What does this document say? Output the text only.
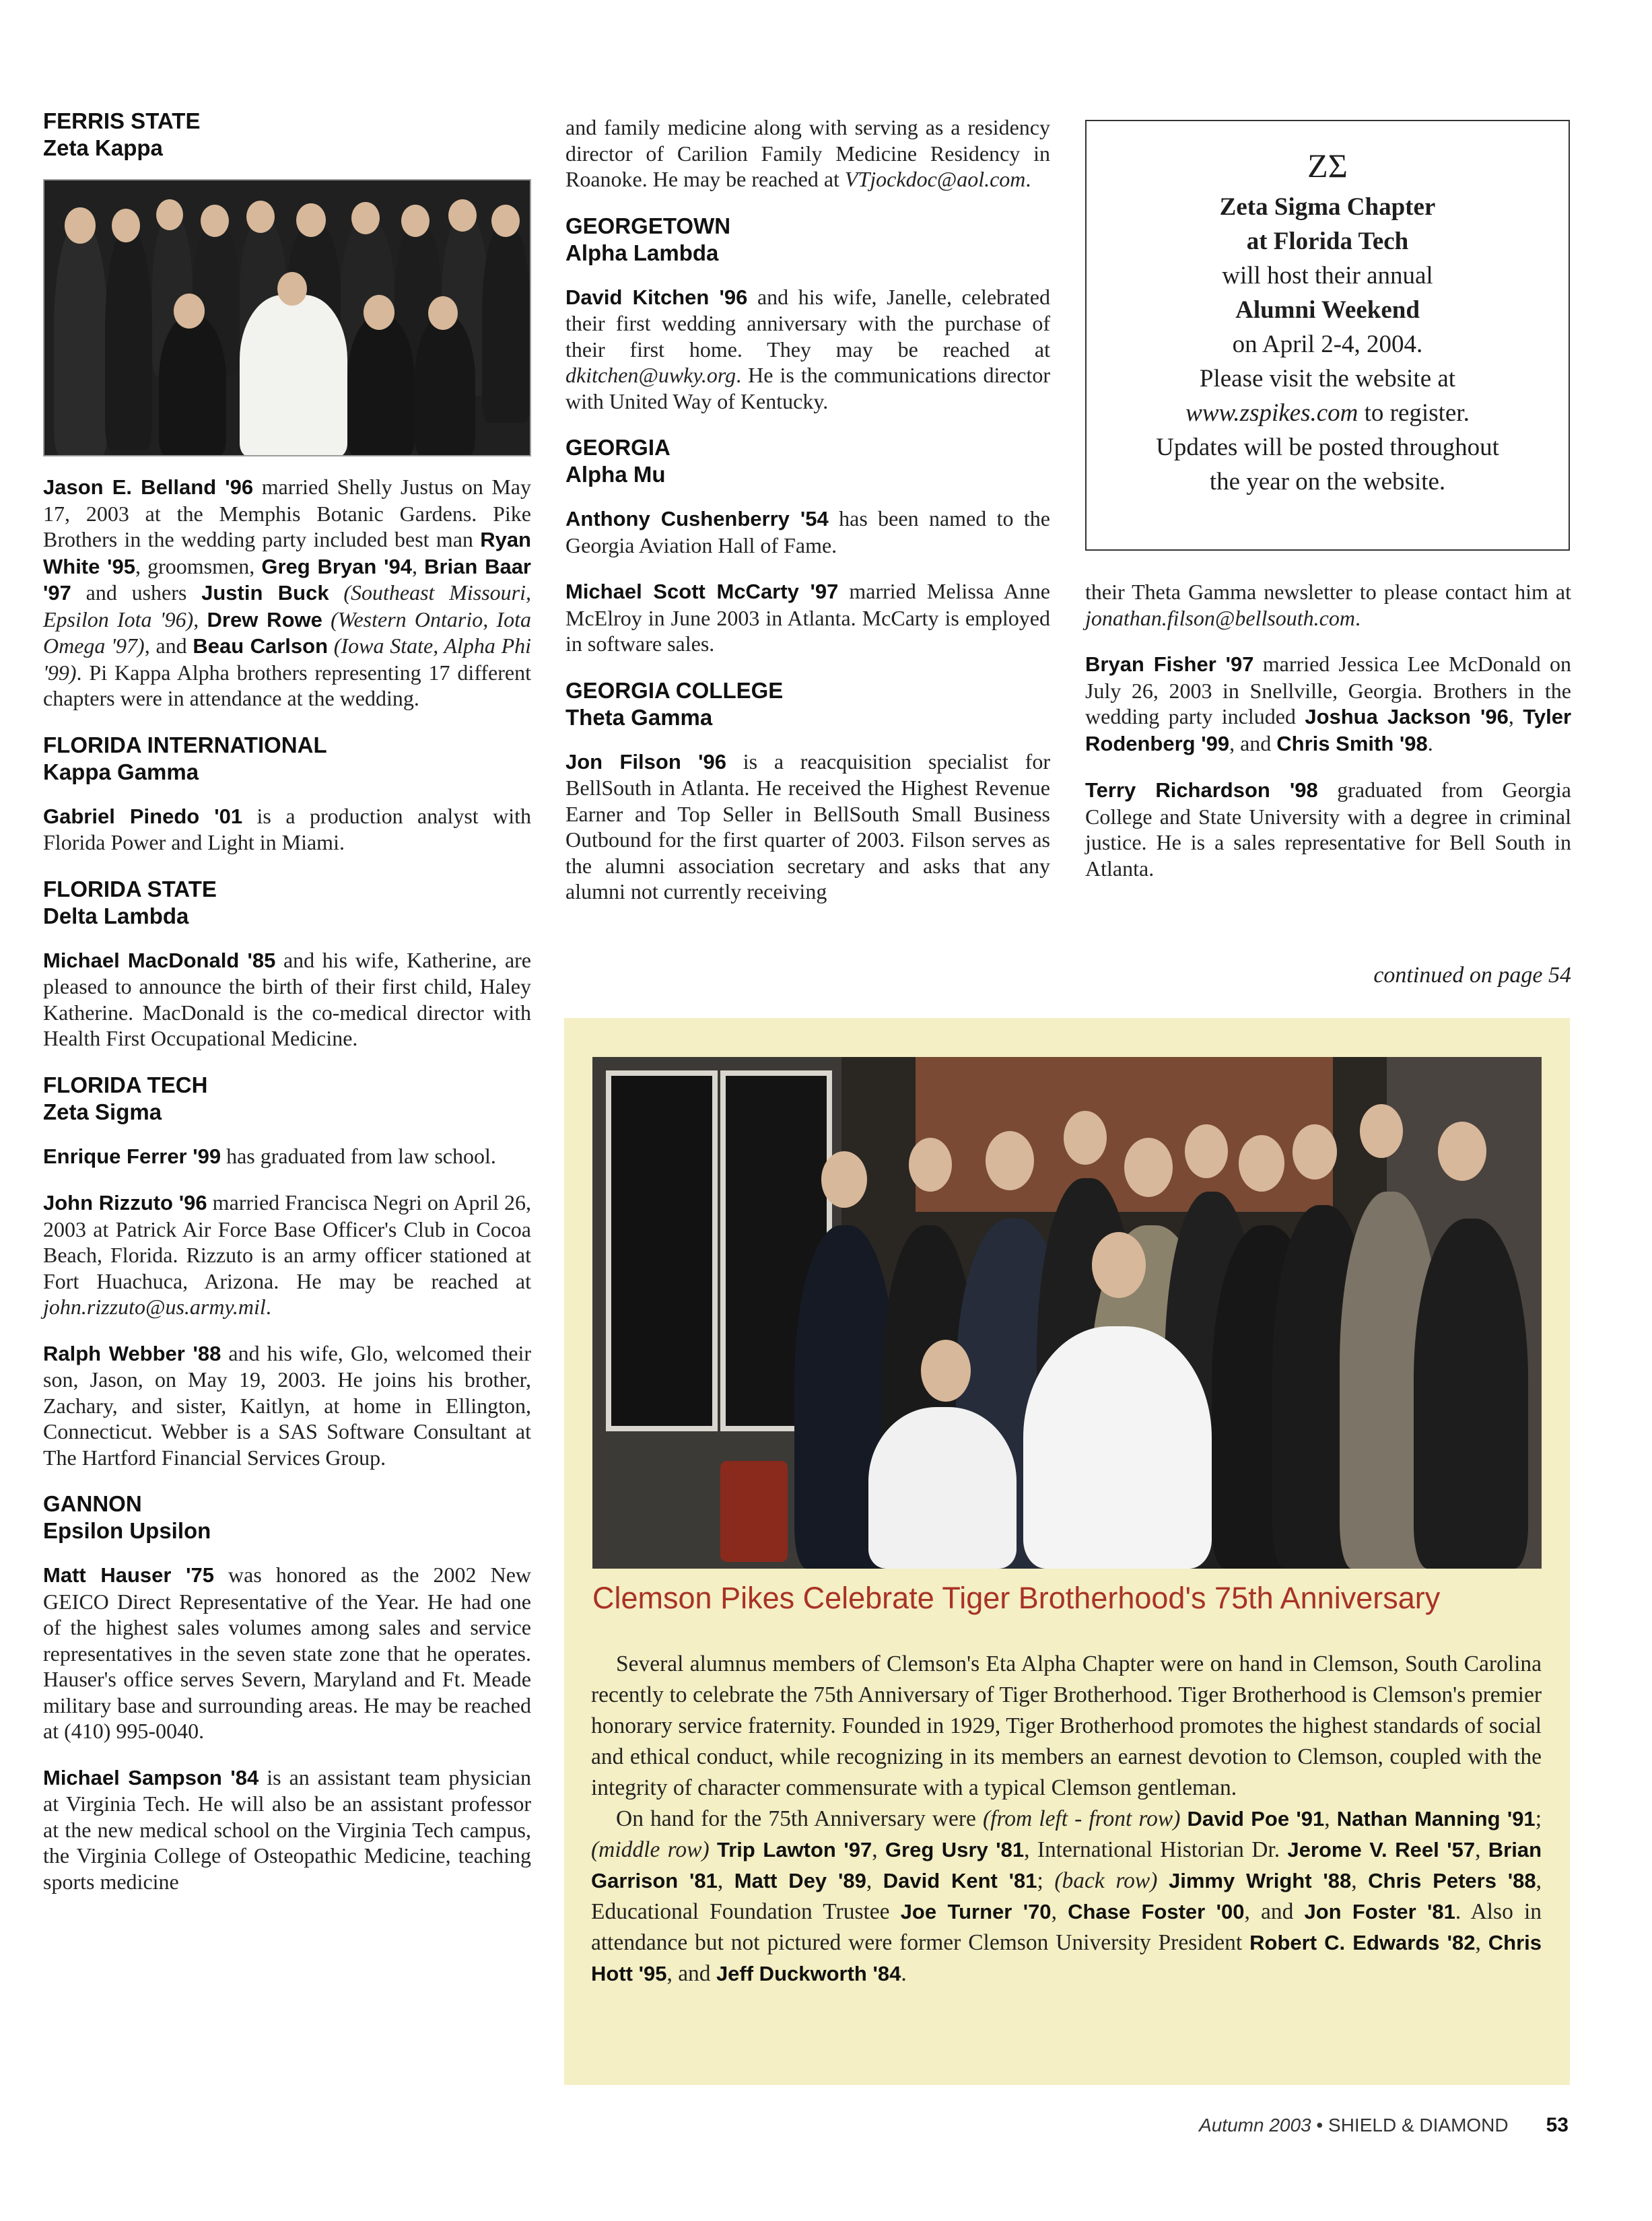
FERRIS STATE
Zeta Kappa

Jason E. Belland '96 married Shelly Justus on May 17, 2003 at the Memphis Botanic Gardens. Pike Brothers in the wedding party included best man Ryan White '95, groomsmen, Greg Bryan '94, Brian Baar '97 and ushers Justin Buck (Southeast Missouri, Epsilon Iota '96), Drew Rowe (Western Ontario, Iota Omega '97), and Beau Carlson (Iowa State, Alpha Phi '99). Pi Kappa Alpha brothers representing 17 different chapters were in attendance at the wedding.

FLORIDA INTERNATIONAL
Kappa Gamma

Gabriel Pinedo '01 is a production analyst with Florida Power and Light in Miami.

FLORIDA STATE
Delta Lambda

Michael MacDonald '85 and his wife, Katherine, are pleased to announce the birth of their first child, Haley Katherine. MacDonald is the co-medical director with Health First Occupational Medicine.

FLORIDA TECH
Zeta Sigma

Enrique Ferrer '99 has graduated from law school.

John Rizzuto '96 married Francisca Negri on April 26, 2003 at Patrick Air Force Base Officer's Club in Cocoa Beach, Florida. Rizzuto is an army officer stationed at Fort Huachuca, Arizona. He may be reached at john.rizzuto@us.army.mil.

Ralph Webber '88 and his wife, Glo, welcomed their son, Jason, on May 19, 2003. He joins his brother, Zachary, and sister, Kaitlyn, at home in Ellington, Connecticut. Webber is a SAS Software Consultant at The Hartford Financial Services Group.

GANNON
Epsilon Upsilon

Matt Hauser '75 was honored as the 2002 New GEICO Direct Representative of the Year. He had one of the highest sales volumes among sales and service representatives in the seven state zone that he operates. Hauser's office serves Severn, Maryland and Ft. Meade military base and surrounding areas. He may be reached at (410) 995-0040.

Michael Sampson '84 is an assistant team physician at Virginia Tech. He will also be an assistant professor at the new medical school on the Virginia Tech campus, the Virginia College of Osteopathic Medicine, teaching sports medicine

and family medicine along with serving as a residency director of Carilion Family Medicine Residency in Roanoke. He may be reached at VTjockdoc@aol.com.

GEORGETOWN
Alpha Lambda

David Kitchen '96 and his wife, Janelle, celebrated their first wedding anniversary with the purchase of their first home. They may be reached at dkitchen@uwky.org. He is the communications director with United Way of Kentucky.

GEORGIA
Alpha Mu

Anthony Cushenberry '54 has been named to the Georgia Aviation Hall of Fame.

Michael Scott McCarty '97 married Melissa Anne McElroy in June 2003 in Atlanta. McCarty is employed in software sales.

GEORGIA COLLEGE
Theta Gamma

Jon Filson '96 is a reacquisition specialist for BellSouth in Atlanta. He received the Highest Revenue Earner and Top Seller in BellSouth Small Business Outbound for the first quarter of 2003. Filson serves as the alumni association secretary and asks that any alumni not currently receiving

ΖΣ
Zeta Sigma Chapter
at Florida Tech
will host their annual
Alumni Weekend
on April 2-4, 2004.
Please visit the website at
www.zspikes.com to register.
Updates will be posted throughout
the year on the website.

their Theta Gamma newsletter to please contact him at jonathan.filson@bellsouth.com.

Bryan Fisher '97 married Jessica Lee McDonald on July 26, 2003 in Snellville, Georgia. Brothers in the wedding party included Joshua Jackson '96, Tyler Rodenberg '99, and Chris Smith '98.

Terry Richardson '98 graduated from Georgia College and State University with a degree in criminal justice. He is a sales representative for Bell South in Atlanta.

continued on page 54
Clemson Pikes Celebrate Tiger Brotherhood's 75th Anniversary

Several alumnus members of Clemson's Eta Alpha Chapter were on hand in Clemson, South Carolina recently to celebrate the 75th Anniversary of Tiger Brotherhood. Tiger Brotherhood is Clemson's premier honorary service fraternity. Founded in 1929, Tiger Brotherhood promotes the highest standards of social and ethical conduct, while recognizing in its members an earnest devotion to Clemson, coupled with the integrity of character commensurate with a typical Clemson gentleman.

On hand for the 75th Anniversary were (from left - front row) David Poe '91, Nathan Manning '91; (middle row) Trip Lawton '97, Greg Usry '81, International Historian Dr. Jerome V. Reel '57, Brian Garrison '81, Matt Dey '89, David Kent '81; (back row) Jimmy Wright '88, Chris Peters '88, Educational Foundation Trustee Joe Turner '70, Chase Foster '00, and Jon Foster '81. Also in attendance but not pictured were former Clemson University President Robert C. Edwards '82, Chris Hott '95, and Jeff Duckworth '84.

Autumn 2003 • SHIELD & DIAMOND 53
